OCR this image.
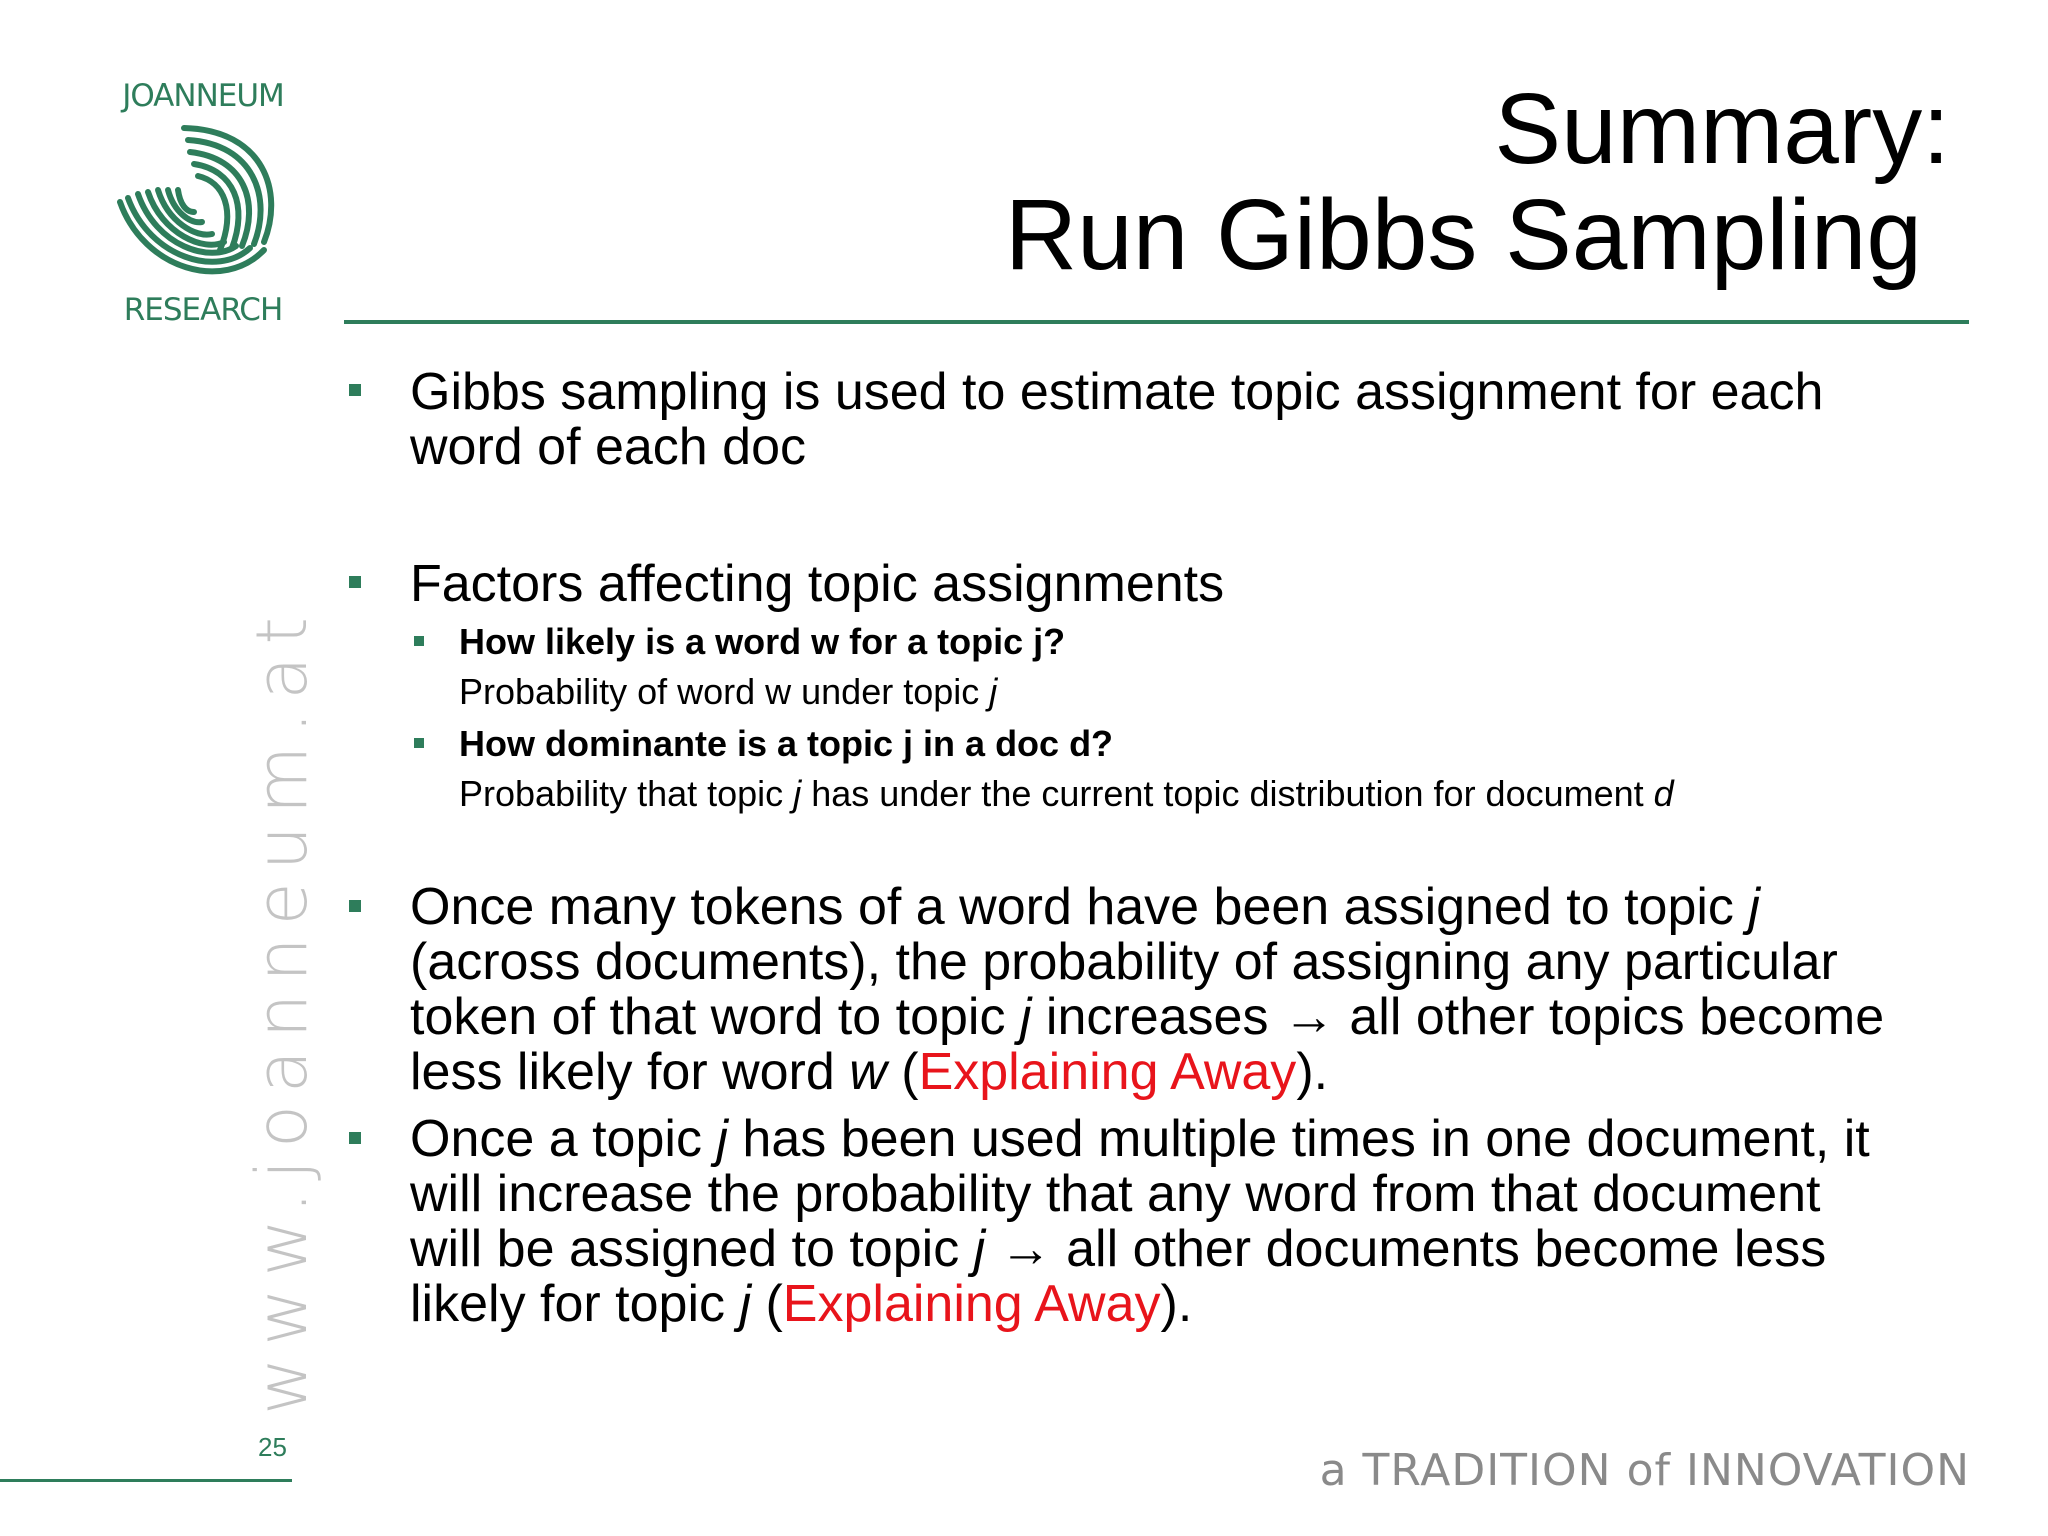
JOANNEUM
RESEARCH
Summary:
Run Gibbs Sampling
Gibbs sampling is used to estimate topic assignment for each
word of each doc
Factors affecting topic assignments
How likely is a word w for a topic j?
Probability of word w under topic j
How dominante is a topic j in a doc d?
Probability that topic j has under the current topic distribution for document d
Once many tokens of a word have been assigned to topic j
(across documents), the probability of assigning any particular
token of that word to topic j increases → all other topics become
less likely for word w (Explaining Away).
Once a topic j has been used multiple times in one document, it
will increase the probability that any word from that document
will be assigned to topic j → all other documents become less
likely for topic j (Explaining Away).
www.joanneum.at
25	a TRADITION of INNOVATION
